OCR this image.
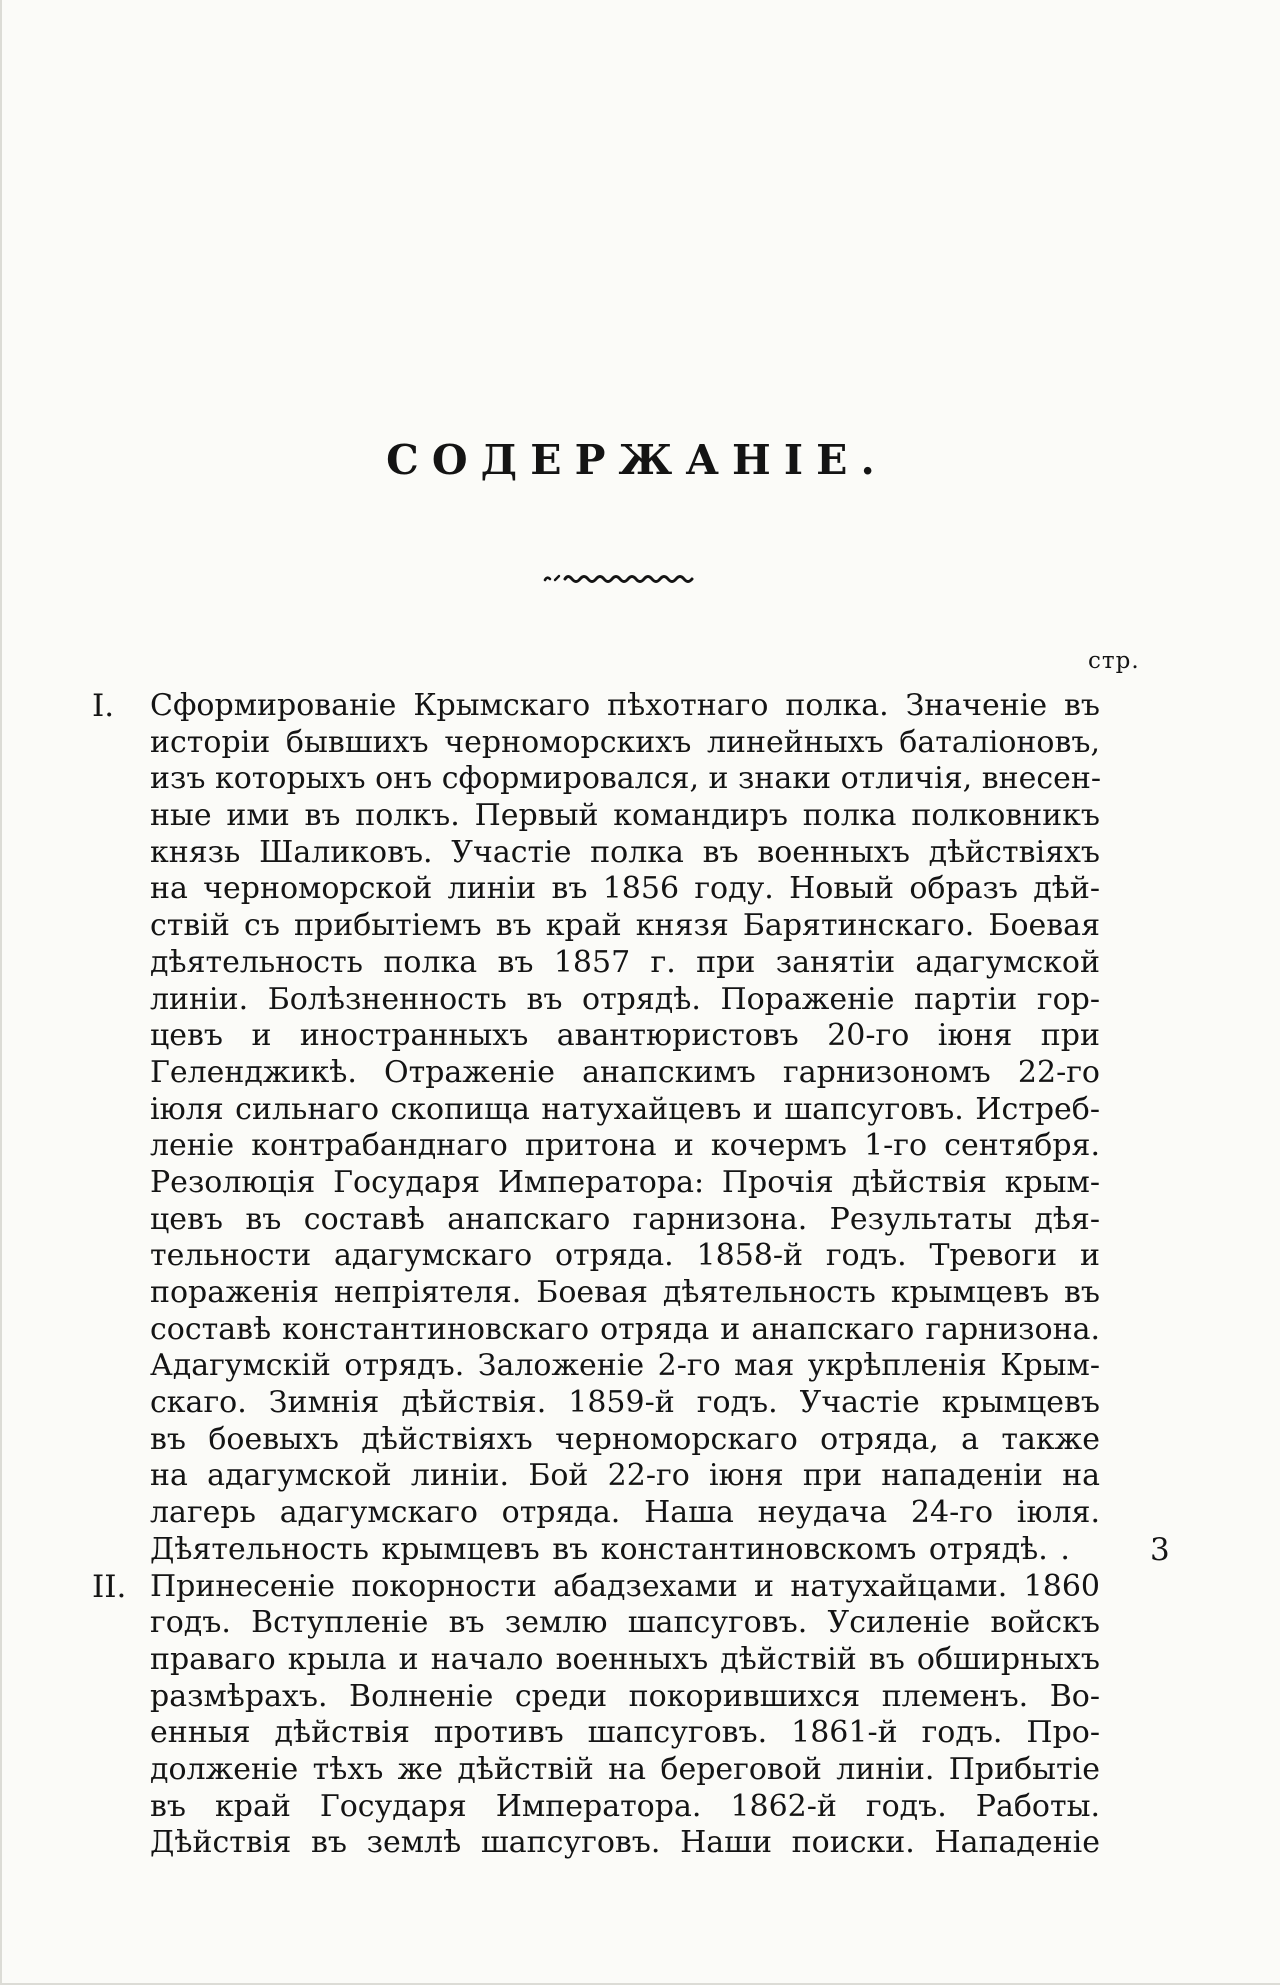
СОДЕРЖАНІЕ.
стр.
I. Сформированіе Крымскаго пѣхотнаго полка. Значеніе въ
исторіи бывшихъ черноморскихъ линейныхъ баталіоновъ,
изъ которыхъ онъ сформировался, и знаки отличія, внесен-
ные ими въ полкъ. Первый командиръ полка полковникъ
князь Шаликовъ. Участіе полка въ военныхъ дѣйствіяхъ
на черноморской линіи въ 1856 году. Новый образъ дѣй-
ствій съ прибытіемъ въ край князя Барятинскаго. Боевая
дѣятельность полка въ 1857 г. при занятіи адагумской
линіи. Болѣзненность въ отрядѣ. Пораженіе партіи гор-
цевъ и иностранныхъ авантюристовъ 20-го іюня при
Геленджикѣ. Отраженіе анапскимъ гарнизономъ 22-го
іюля сильнаго скопища натухайцевъ и шапсуговъ. Истреб-
леніе контрабанднаго притона и кочермъ 1-го сентября.
Резолюція Государя Императора: Прочія дѣйствія крым-
цевъ въ составѣ анапскаго гарнизона. Результаты дѣя-
тельности адагумскаго отряда. 1858-й годъ. Тревоги и
пораженія непріятеля. Боевая дѣятельность крымцевъ въ
составѣ константиновскаго отряда и анапскаго гарнизона.
Адагумскій отрядъ. Заложеніе 2-го мая укрѣпленія Крым-
скаго. Зимнія дѣйствія. 1859-й годъ. Участіе крымцевъ
въ боевыхъ дѣйствіяхъ черноморскаго отряда, а также
на адагумской линіи. Бой 22-го іюня при нападеніи на
лагерь адагумскаго отряда. Наша неудача 24-го іюля.
Дѣятельность крымцевъ въ константиновскомъ отрядѣ. .
II. Принесеніе покорности абадзехами и натухайцами. 1860
годъ. Вступленіе въ землю шапсуговъ. Усиленіе войскъ
праваго крыла и начало военныхъ дѣйствій въ обширныхъ
размѣрахъ. Волненіе среди покорившихся племенъ. Во-
енныя дѣйствія противъ шапсуговъ. 1861-й годъ. Про-
долженіе тѣхъ же дѣйствій на береговой линіи. Прибытіе
въ край Государя Императора. 1862-й годъ. Работы.
Дѣйствія въ землѣ шапсуговъ. Наши поиски. Нападеніе
3
